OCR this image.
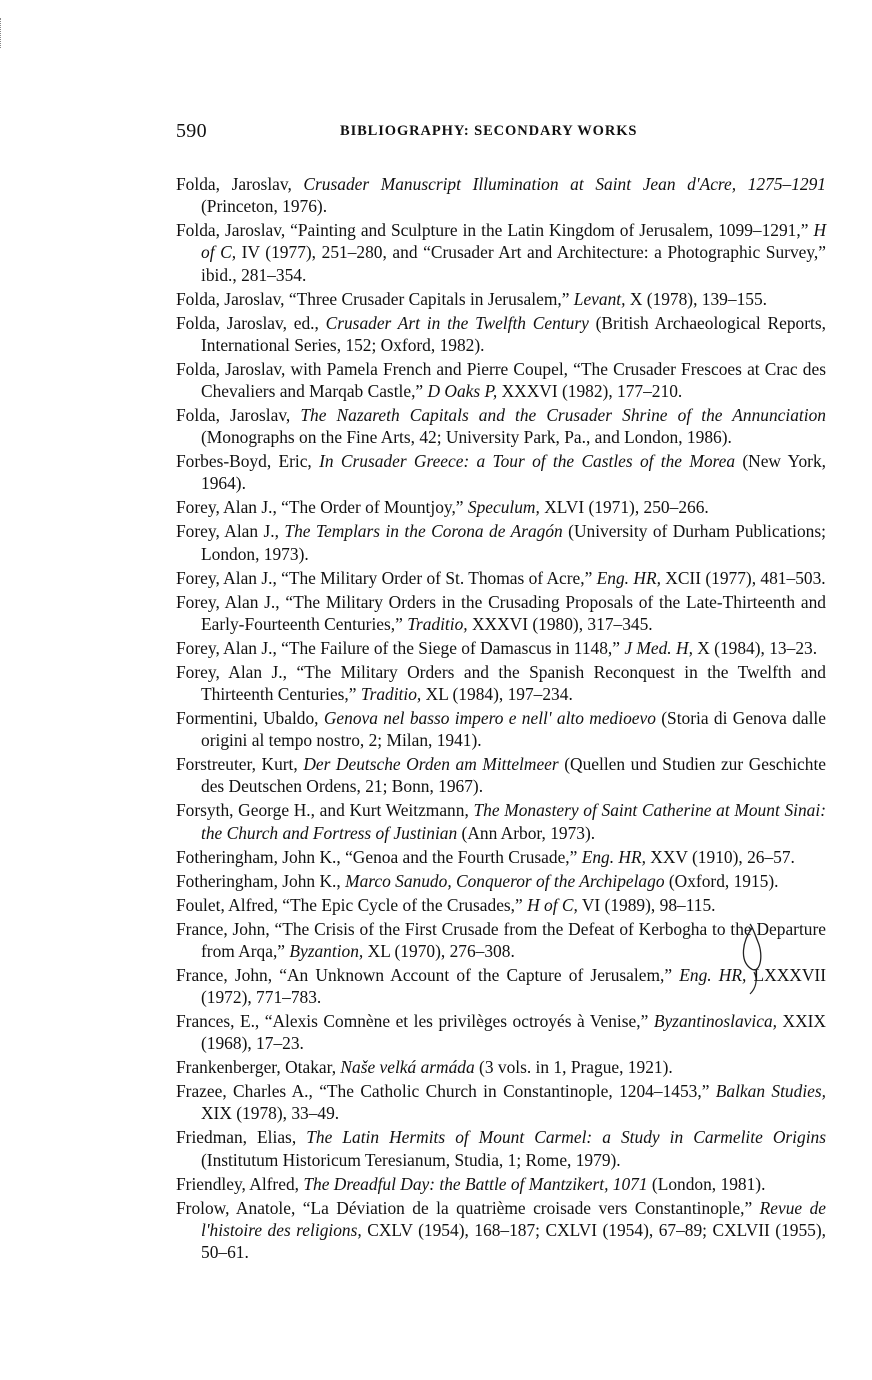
590	BIBLIOGRAPHY: SECONDARY WORKS
Folda, Jaroslav, Crusader Manuscript Illumination at Saint Jean d'Acre, 1275–1291 (Princeton, 1976).
Folda, Jaroslav, “Painting and Sculpture in the Latin Kingdom of Jerusalem, 1099–1291,” H of C, IV (1977), 251–280, and “Crusader Art and Architecture: a Photographic Survey,” ibid., 281–354.
Folda, Jaroslav, “Three Crusader Capitals in Jerusalem,” Levant, X (1978), 139–155.
Folda, Jaroslav, ed., Crusader Art in the Twelfth Century (British Archaeological Reports, International Series, 152; Oxford, 1982).
Folda, Jaroslav, with Pamela French and Pierre Coupel, “The Crusader Frescoes at Crac des Chevaliers and Marqab Castle,” D Oaks P, XXXVI (1982), 177–210.
Folda, Jaroslav, The Nazareth Capitals and the Crusader Shrine of the Annunciation (Monographs on the Fine Arts, 42; University Park, Pa., and London, 1986).
Forbes-Boyd, Eric, In Crusader Greece: a Tour of the Castles of the Morea (New York, 1964).
Forey, Alan J., “The Order of Mountjoy,” Speculum, XLVI (1971), 250–266.
Forey, Alan J., The Templars in the Corona de Aragón (University of Durham Publications; London, 1973).
Forey, Alan J., “The Military Order of St. Thomas of Acre,” Eng. HR, XCII (1977), 481–503.
Forey, Alan J., “The Military Orders in the Crusading Proposals of the Late-Thirteenth and Early-Fourteenth Centuries,” Traditio, XXXVI (1980), 317–345.
Forey, Alan J., “The Failure of the Siege of Damascus in 1148,” J Med. H, X (1984), 13–23.
Forey, Alan J., “The Military Orders and the Spanish Reconquest in the Twelfth and Thirteenth Centuries,” Traditio, XL (1984), 197–234.
Formentini, Ubaldo, Genova nel basso impero e nell' alto medioevo (Storia di Genova dalle origini al tempo nostro, 2; Milan, 1941).
Forstreuter, Kurt, Der Deutsche Orden am Mittelmeer (Quellen und Studien zur Geschichte des Deutschen Ordens, 21; Bonn, 1967).
Forsyth, George H., and Kurt Weitzmann, The Monastery of Saint Catherine at Mount Sinai: the Church and Fortress of Justinian (Ann Arbor, 1973).
Fotheringham, John K., “Genoa and the Fourth Crusade,” Eng. HR, XXV (1910), 26–57.
Fotheringham, John K., Marco Sanudo, Conqueror of the Archipelago (Oxford, 1915).
Foulet, Alfred, “The Epic Cycle of the Crusades,” H of C, VI (1989), 98–115.
France, John, “The Crisis of the First Crusade from the Defeat of Kerbogha to the Departure from Arqa,” Byzantion, XL (1970), 276–308.
France, John, “An Unknown Account of the Capture of Jerusalem,” Eng. HR, LXXXVII (1972), 771–783.
Frances, E., “Alexis Comnène et les privilèges octroyés à Venise,” Byzantinoslavica, XXIX (1968), 17–23.
Frankenberger, Otakar, Naše velká armáda (3 vols. in 1, Prague, 1921).
Frazee, Charles A., “The Catholic Church in Constantinople, 1204–1453,” Balkan Studies, XIX (1978), 33–49.
Friedman, Elias, The Latin Hermits of Mount Carmel: a Study in Carmelite Origins (Institutum Historicum Teresianum, Studia, 1; Rome, 1979).
Friendley, Alfred, The Dreadful Day: the Battle of Mantzikert, 1071 (London, 1981).
Frolow, Anatole, “La Déviation de la quatrième croisade vers Constantinople,” Revue de l'histoire des religions, CXLV (1954), 168–187; CXLVI (1954), 67–89; CXLVII (1955), 50–61.
